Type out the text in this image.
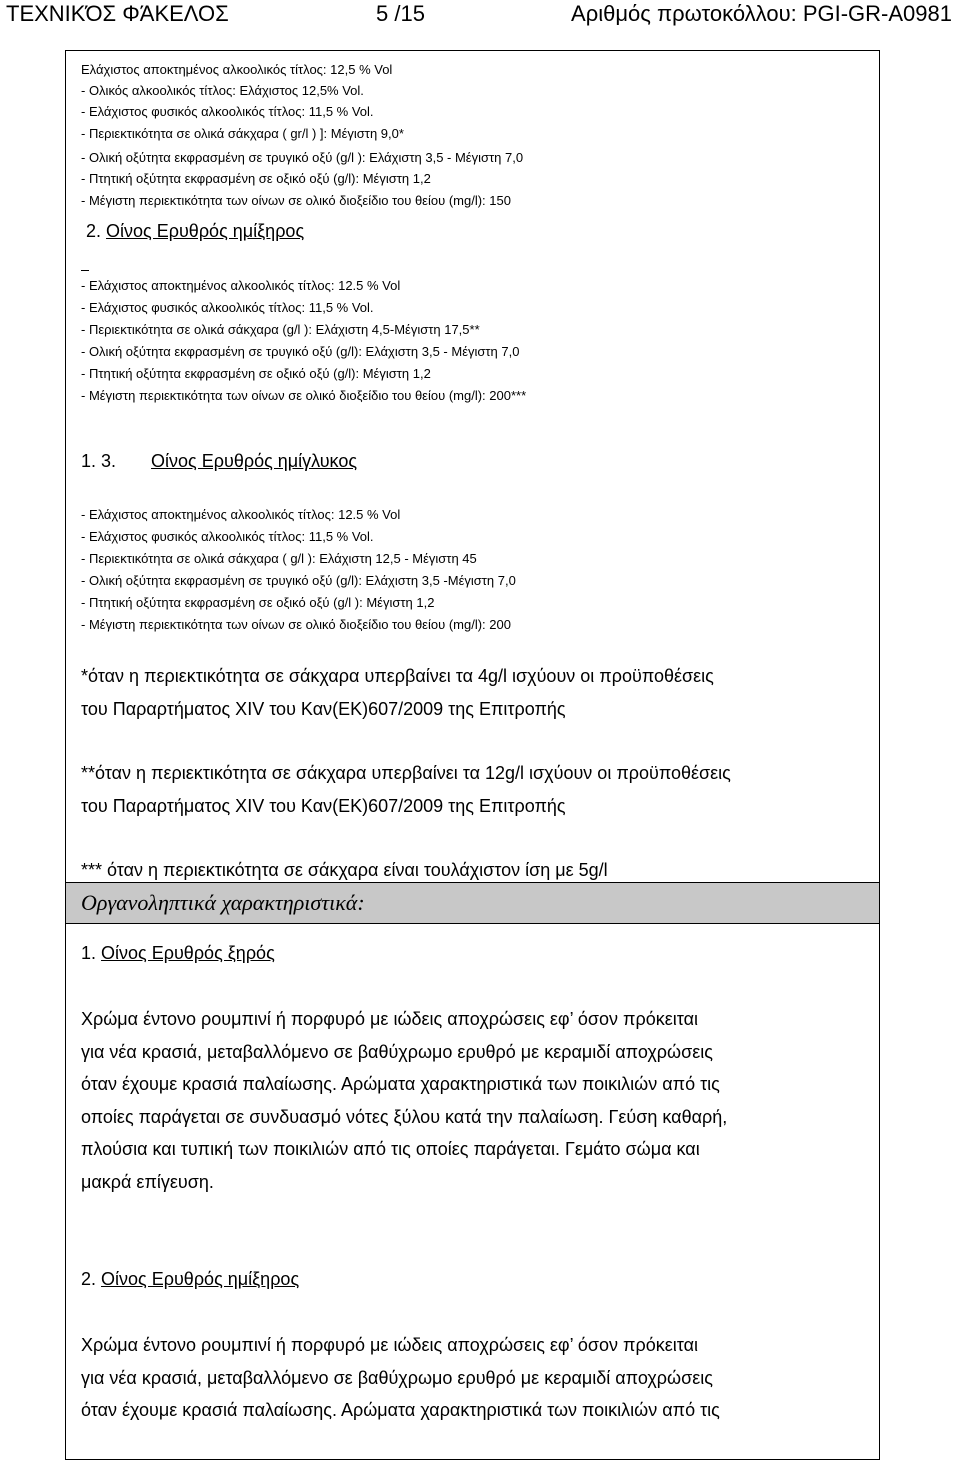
ΤΕΧΝΙΚΌΣ ΦΆΚΕΛΟΣ	5 /15	Αριθμός πρωτοκόλλου: PGI-GR-A0981
Ελάχιστος αποκτημένος αλκοολικός τίτλος: 12,5 % Vol
- Ολικός αλκοολικός τίτλος: Ελάχιστος 12,5% Vol.
- Ελάχιστος φυσικός αλκοολικός τίτλος: 11,5 % Vol.
- Περιεκτικότητα σε ολικά σάκχαρα ( gr/l ) ]: Μέγιστη 9,0*
- Ολική οξύτητα εκφρασμένη σε τρυγικό οξύ (g/l ): Ελάχιστη 3,5 - Μέγιστη 7,0
- Πτητική οξύτητα εκφρασμένη σε οξικό οξύ (g/l): Μέγιστη 1,2
- Μέγιστη περιεκτικότητα των οίνων σε ολικό διοξείδιο του θείου (mg/l): 150
2. Οίνος Ερυθρός ημίξηρος
- Ελάχιστος αποκτημένος αλκοολικός τίτλος: 12.5 % Vol
- Ελάχιστος φυσικός αλκοολικός τίτλος: 11,5 % Vol.
- Περιεκτικότητα σε ολικά σάκχαρα (g/l ): Ελάχιστη 4,5-Μέγιστη 17,5**
- Ολική οξύτητα εκφρασμένη σε τρυγικό οξύ (g/l): Ελάχιστη 3,5 - Μέγιστη 7,0
- Πτητική οξύτητα εκφρασμένη σε οξικό οξύ (g/l): Μέγιστη 1,2
- Μέγιστη περιεκτικότητα των οίνων σε ολικό διοξείδιο του θείου (mg/l): 200***
1. 3. Οίνος Ερυθρός ημίγλυκος
- Ελάχιστος αποκτημένος αλκοολικός τίτλος: 12.5 % Vol
- Ελάχιστος φυσικός αλκοολικός τίτλος: 11,5 % Vol.
- Περιεκτικότητα σε ολικά σάκχαρα ( g/l ): Ελάχιστη 12,5 - Μέγιστη 45
- Ολική οξύτητα εκφρασμένη σε τρυγικό οξύ (g/l): Ελάχιστη 3,5 -Μέγιστη 7,0
- Πτητική οξύτητα εκφρασμένη σε οξικό οξύ (g/l ): Μέγιστη 1,2
- Μέγιστη περιεκτικότητα των οίνων σε ολικό διοξείδιο του θείου (mg/l): 200
*όταν η περιεκτικότητα σε σάκχαρα υπερβαίνει τα 4g/l ισχύουν οι προϋποθέσεις
του Παραρτήματος XIV του Καν(ΕΚ)607/2009 της Επιτροπής
**όταν η περιεκτικότητα σε σάκχαρα υπερβαίνει τα 12g/l ισχύουν οι προϋποθέσεις
του Παραρτήματος XIV του Καν(ΕΚ)607/2009 της Επιτροπής
*** όταν η περιεκτικότητα σε σάκχαρα είναι τουλάχιστον ίση με 5g/l
Οργανοληπτικά χαρακτηριστικά:
1. Οίνος Ερυθρός ξηρός
Χρώμα έντονο ρουμπινί ή πορφυρό με ιώδεις αποχρώσεις εφ’ όσον πρόκειται
για νέα κρασιά, μεταβαλλόμενο σε βαθύχρωμο ερυθρό με κεραμιδί αποχρώσεις
όταν έχουμε κρασιά παλαίωσης. Αρώματα χαρακτηριστικά των ποικιλιών από τις
οποίες παράγεται σε συνδυασμό νότες ξύλου κατά την παλαίωση. Γεύση καθαρή,
πλούσια και τυπική των ποικιλιών από τις οποίες παράγεται. Γεμάτο σώμα και
μακρά επίγευση.
2. Οίνος Ερυθρός ημίξηρος
Χρώμα έντονο ρουμπινί ή πορφυρό με ιώδεις αποχρώσεις εφ’ όσον πρόκειται
για νέα κρασιά, μεταβαλλόμενο σε βαθύχρωμο ερυθρό με κεραμιδί αποχρώσεις
όταν έχουμε κρασιά παλαίωσης. Αρώματα χαρακτηριστικά των ποικιλιών από τις
